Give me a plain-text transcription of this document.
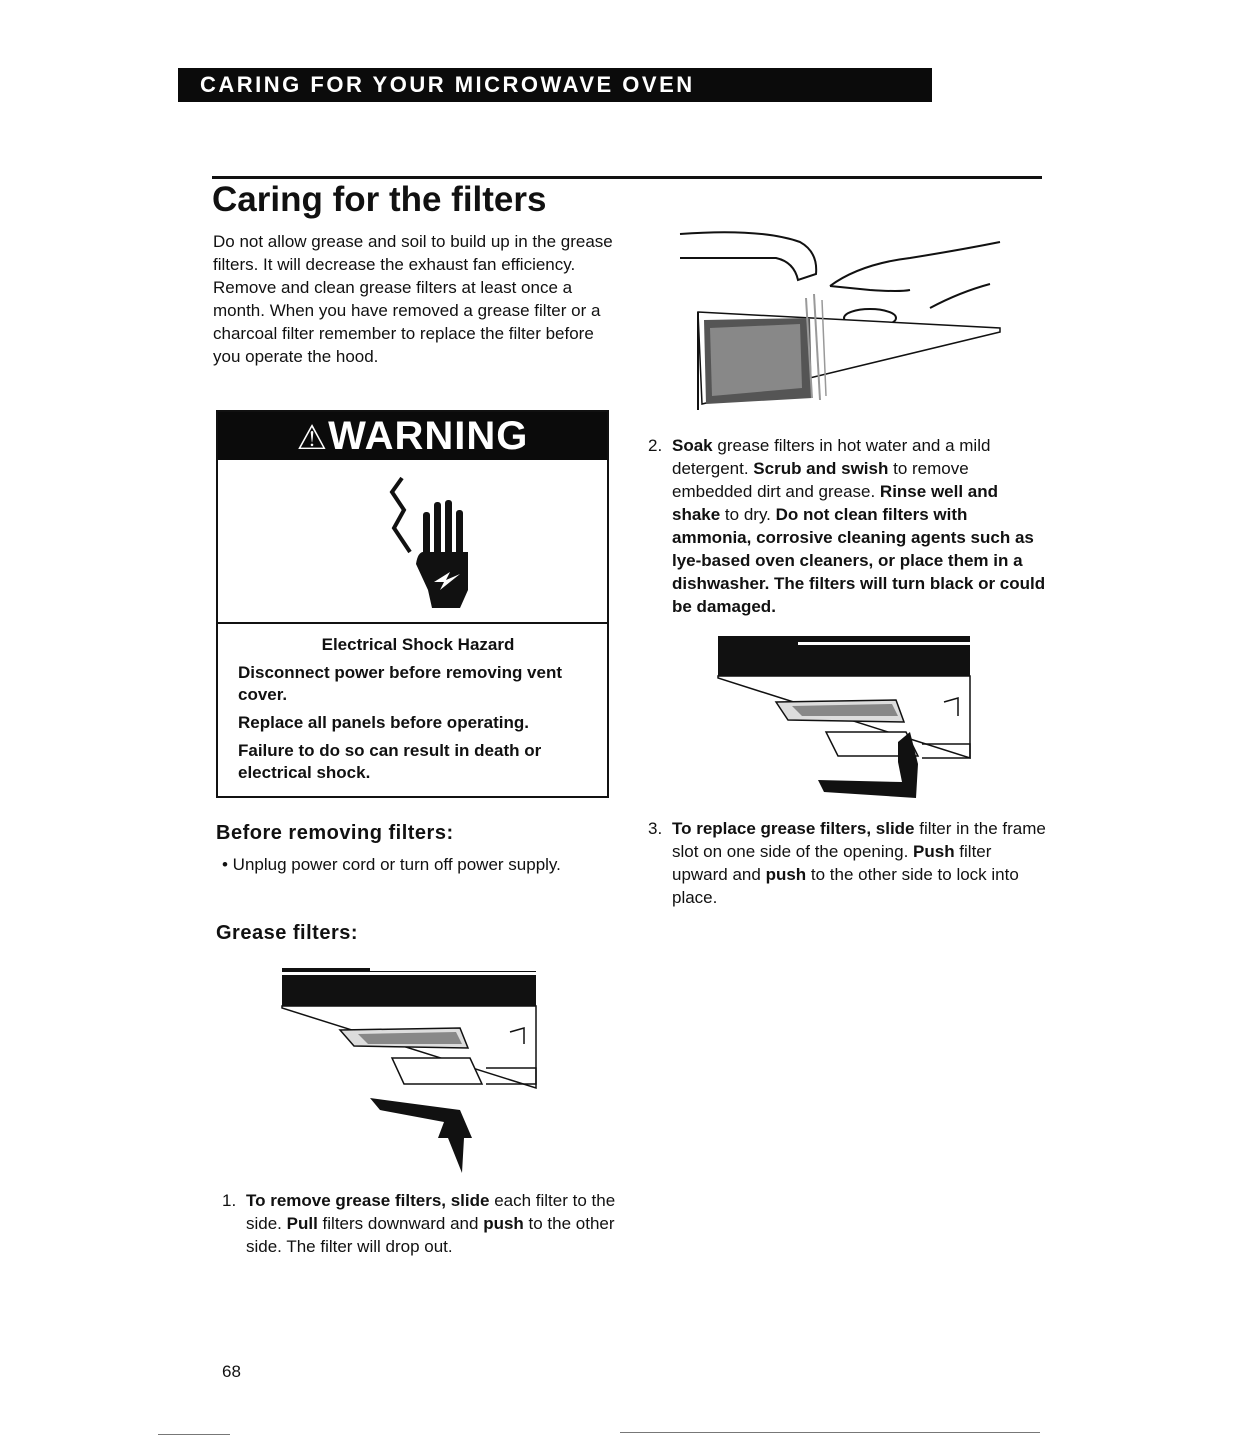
CARING FOR YOUR MICROWAVE OVEN
Caring for the filters

Do not allow grease and soil to build up in the grease filters. It will decrease the exhaust fan efficiency. Remove and clean grease filters at least once a month. When you have removed a grease filter or a charcoal filter remember to replace the filter before you operate the hood.

⚠WARNING

Electrical Shock Hazard

Disconnect power before removing vent cover.

Replace all panels before operating.

Failure to do so can result in death or electrical shock.

Before removing filters:
• Unplug power cord or turn off power supply.
Grease filters:
1. To remove grease filters, slide each filter to the side. Pull filters downward and push to the other side. The filter will drop out.
2. Soak grease filters in hot water and a mild detergent. Scrub and swish to remove embedded dirt and grease. Rinse well and shake to dry. Do not clean filters with ammonia, corrosive cleaning agents such as lye-based oven cleaners, or place them in a dishwasher. The filters will turn black or could be damaged.
3. To replace grease filters, slide filter in the frame slot on one side of the opening. Push filter upward and push to the other side to lock into place.
68
